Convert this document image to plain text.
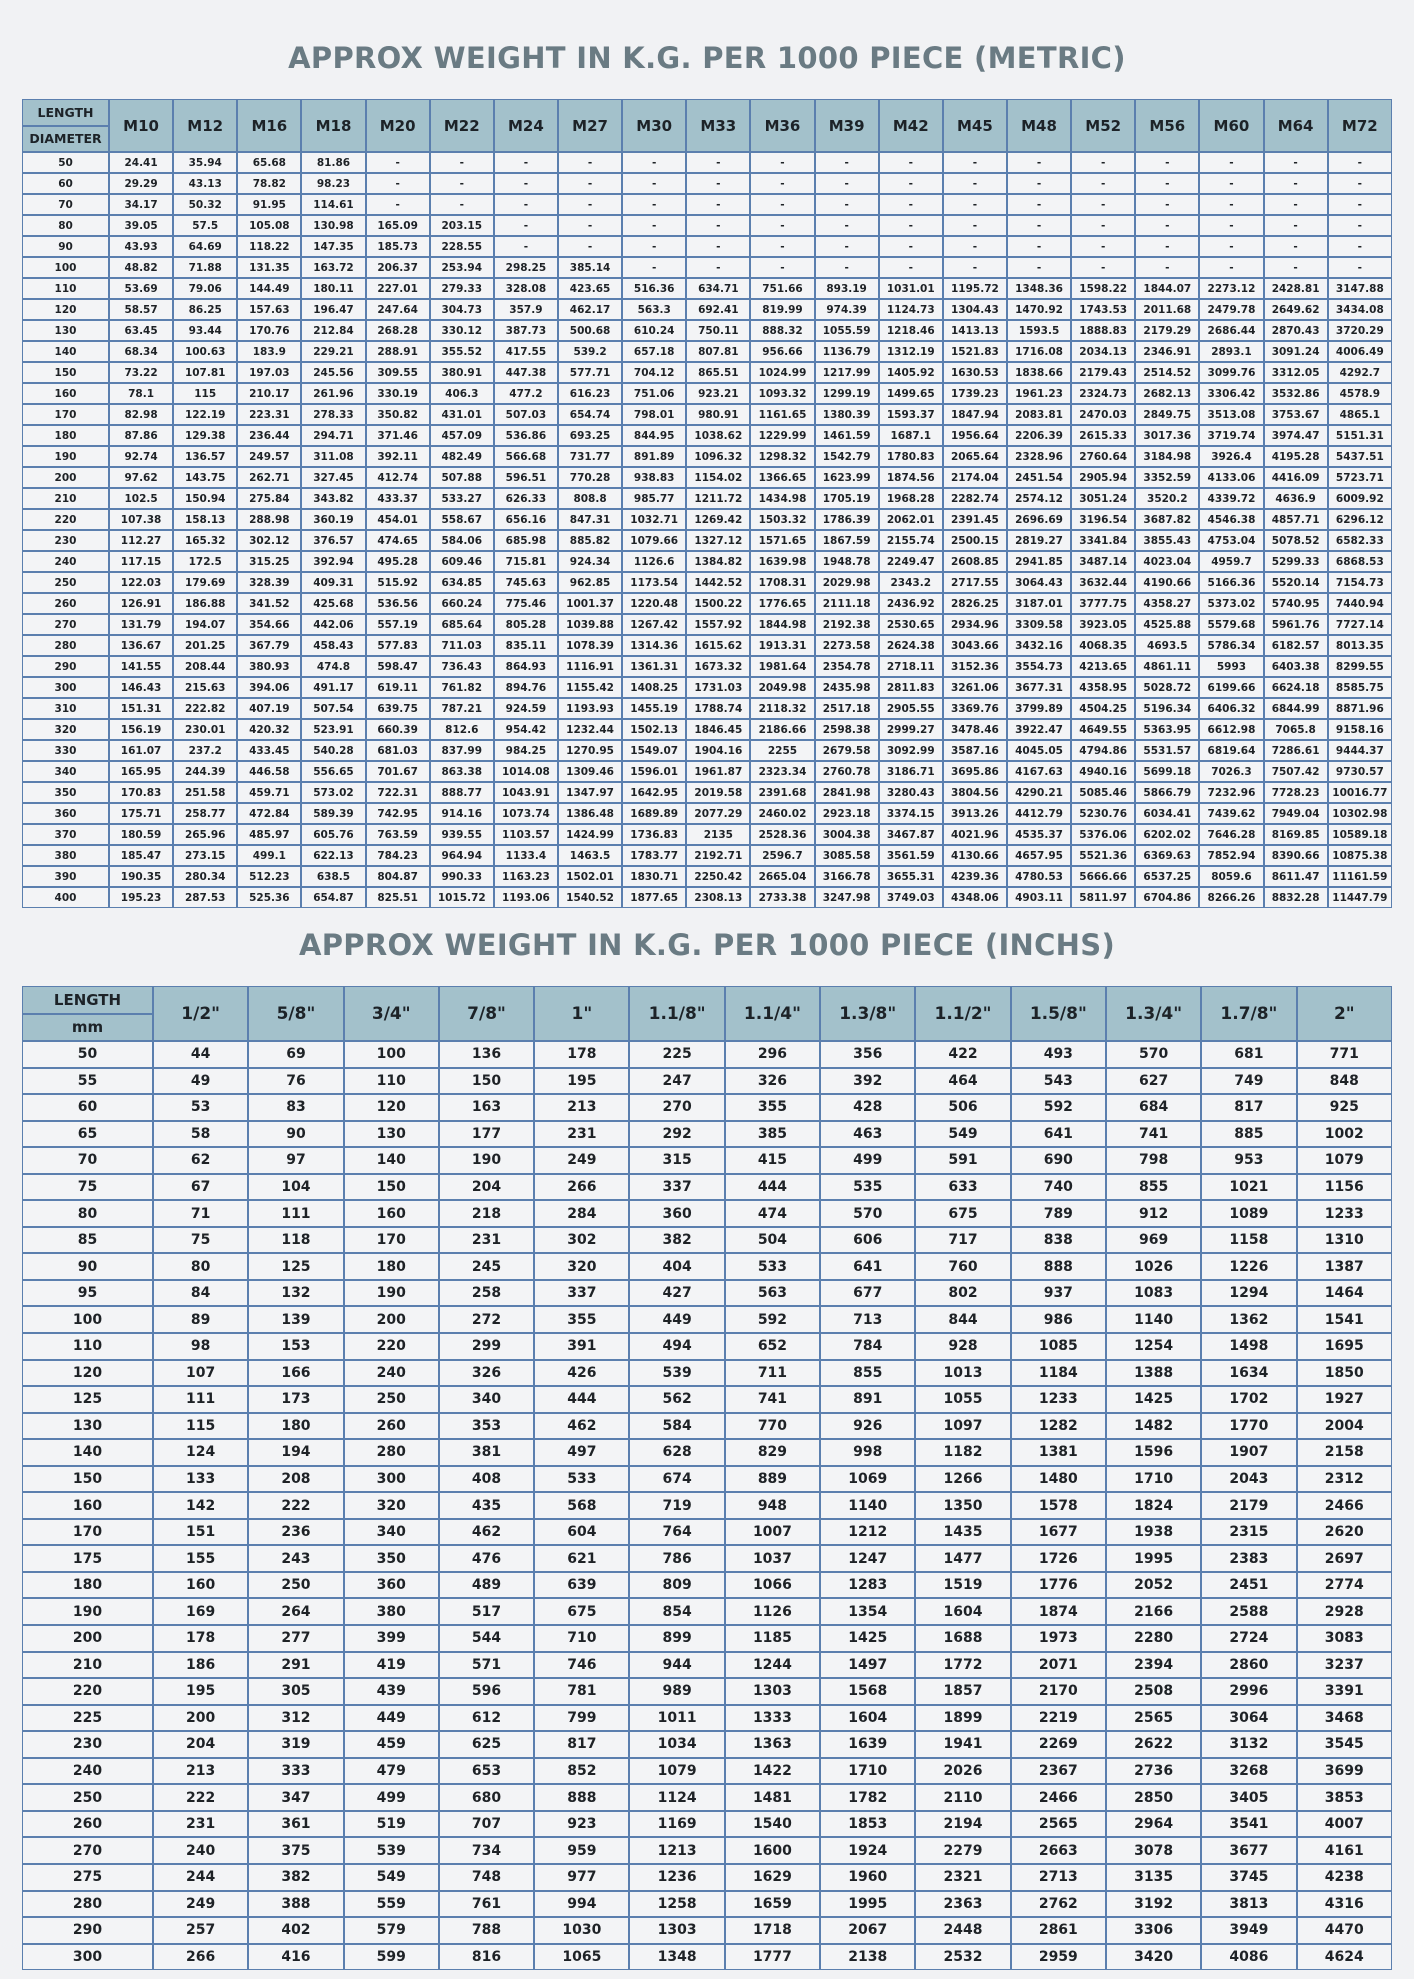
APPROX WEIGHT IN K.G. PER 1000 PIECE (METRIC)
LENGTH	M10	M12	M16	M18	M20	M22	M24	M27	M30	M33	M36	M39	M42	M45	M48	M52	M56	M60	M64	M72
DIAMETER																				
50	24.41	35.94	65.68	81.86	-	-	-	-	-	-	-	-	-	-	-	-	-	-	-	-
60	29.29	43.13	78.82	98.23	-	-	-	-	-	-	-	-	-	-	-	-	-	-	-	-
70	34.17	50.32	91.95	114.61	-	-	-	-	-	-	-	-	-	-	-	-	-	-	-	-
80	39.05	57.5	105.08	130.98	165.09	203.15	-	-	-	-	-	-	-	-	-	-	-	-	-	-
90	43.93	64.69	118.22	147.35	185.73	228.55	-	-	-	-	-	-	-	-	-	-	-	-	-	-
100	48.82	71.88	131.35	163.72	206.37	253.94	298.25	385.14	-	-	-	-	-	-	-	-	-	-	-	-
110	53.69	79.06	144.49	180.11	227.01	279.33	328.08	423.65	516.36	634.71	751.66	893.19	1031.01	1195.72	1348.36	1598.22	1844.07	2273.12	2428.81	3147.88
120	58.57	86.25	157.63	196.47	247.64	304.73	357.9	462.17	563.3	692.41	819.99	974.39	1124.73	1304.43	1470.92	1743.53	2011.68	2479.78	2649.62	3434.08
130	63.45	93.44	170.76	212.84	268.28	330.12	387.73	500.68	610.24	750.11	888.32	1055.59	1218.46	1413.13	1593.5	1888.83	2179.29	2686.44	2870.43	3720.29
140	68.34	100.63	183.9	229.21	288.91	355.52	417.55	539.2	657.18	807.81	956.66	1136.79	1312.19	1521.83	1716.08	2034.13	2346.91	2893.1	3091.24	4006.49
150	73.22	107.81	197.03	245.56	309.55	380.91	447.38	577.71	704.12	865.51	1024.99	1217.99	1405.92	1630.53	1838.66	2179.43	2514.52	3099.76	3312.05	4292.7
160	78.1	115	210.17	261.96	330.19	406.3	477.2	616.23	751.06	923.21	1093.32	1299.19	1499.65	1739.23	1961.23	2324.73	2682.13	3306.42	3532.86	4578.9
170	82.98	122.19	223.31	278.33	350.82	431.01	507.03	654.74	798.01	980.91	1161.65	1380.39	1593.37	1847.94	2083.81	2470.03	2849.75	3513.08	3753.67	4865.1
180	87.86	129.38	236.44	294.71	371.46	457.09	536.86	693.25	844.95	1038.62	1229.99	1461.59	1687.1	1956.64	2206.39	2615.33	3017.36	3719.74	3974.47	5151.31
190	92.74	136.57	249.57	311.08	392.11	482.49	566.68	731.77	891.89	1096.32	1298.32	1542.79	1780.83	2065.64	2328.96	2760.64	3184.98	3926.4	4195.28	5437.51
200	97.62	143.75	262.71	327.45	412.74	507.88	596.51	770.28	938.83	1154.02	1366.65	1623.99	1874.56	2174.04	2451.54	2905.94	3352.59	4133.06	4416.09	5723.71
210	102.5	150.94	275.84	343.82	433.37	533.27	626.33	808.8	985.77	1211.72	1434.98	1705.19	1968.28	2282.74	2574.12	3051.24	3520.2	4339.72	4636.9	6009.92
220	107.38	158.13	288.98	360.19	454.01	558.67	656.16	847.31	1032.71	1269.42	1503.32	1786.39	2062.01	2391.45	2696.69	3196.54	3687.82	4546.38	4857.71	6296.12
230	112.27	165.32	302.12	376.57	474.65	584.06	685.98	885.82	1079.66	1327.12	1571.65	1867.59	2155.74	2500.15	2819.27	3341.84	3855.43	4753.04	5078.52	6582.33
240	117.15	172.5	315.25	392.94	495.28	609.46	715.81	924.34	1126.6	1384.82	1639.98	1948.78	2249.47	2608.85	2941.85	3487.14	4023.04	4959.7	5299.33	6868.53
250	122.03	179.69	328.39	409.31	515.92	634.85	745.63	962.85	1173.54	1442.52	1708.31	2029.98	2343.2	2717.55	3064.43	3632.44	4190.66	5166.36	5520.14	7154.73
260	126.91	186.88	341.52	425.68	536.56	660.24	775.46	1001.37	1220.48	1500.22	1776.65	2111.18	2436.92	2826.25	3187.01	3777.75	4358.27	5373.02	5740.95	7440.94
270	131.79	194.07	354.66	442.06	557.19	685.64	805.28	1039.88	1267.42	1557.92	1844.98	2192.38	2530.65	2934.96	3309.58	3923.05	4525.88	5579.68	5961.76	7727.14
280	136.67	201.25	367.79	458.43	577.83	711.03	835.11	1078.39	1314.36	1615.62	1913.31	2273.58	2624.38	3043.66	3432.16	4068.35	4693.5	5786.34	6182.57	8013.35
290	141.55	208.44	380.93	474.8	598.47	736.43	864.93	1116.91	1361.31	1673.32	1981.64	2354.78	2718.11	3152.36	3554.73	4213.65	4861.11	5993	6403.38	8299.55
300	146.43	215.63	394.06	491.17	619.11	761.82	894.76	1155.42	1408.25	1731.03	2049.98	2435.98	2811.83	3261.06	3677.31	4358.95	5028.72	6199.66	6624.18	8585.75
310	151.31	222.82	407.19	507.54	639.75	787.21	924.59	1193.93	1455.19	1788.74	2118.32	2517.18	2905.55	3369.76	3799.89	4504.25	5196.34	6406.32	6844.99	8871.96
320	156.19	230.01	420.32	523.91	660.39	812.6	954.42	1232.44	1502.13	1846.45	2186.66	2598.38	2999.27	3478.46	3922.47	4649.55	5363.95	6612.98	7065.8	9158.16
330	161.07	237.2	433.45	540.28	681.03	837.99	984.25	1270.95	1549.07	1904.16	2255	2679.58	3092.99	3587.16	4045.05	4794.86	5531.57	6819.64	7286.61	9444.37
340	165.95	244.39	446.58	556.65	701.67	863.38	1014.08	1309.46	1596.01	1961.87	2323.34	2760.78	3186.71	3695.86	4167.63	4940.16	5699.18	7026.3	7507.42	9730.57
350	170.83	251.58	459.71	573.02	722.31	888.77	1043.91	1347.97	1642.95	2019.58	2391.68	2841.98	3280.43	3804.56	4290.21	5085.46	5866.79	7232.96	7728.23	10016.77
360	175.71	258.77	472.84	589.39	742.95	914.16	1073.74	1386.48	1689.89	2077.29	2460.02	2923.18	3374.15	3913.26	4412.79	5230.76	6034.41	7439.62	7949.04	10302.98
370	180.59	265.96	485.97	605.76	763.59	939.55	1103.57	1424.99	1736.83	2135	2528.36	3004.38	3467.87	4021.96	4535.37	5376.06	6202.02	7646.28	8169.85	10589.18
380	185.47	273.15	499.1	622.13	784.23	964.94	1133.4	1463.5	1783.77	2192.71	2596.7	3085.58	3561.59	4130.66	4657.95	5521.36	6369.63	7852.94	8390.66	10875.38
390	190.35	280.34	512.23	638.5	804.87	990.33	1163.23	1502.01	1830.71	2250.42	2665.04	3166.78	3655.31	4239.36	4780.53	5666.66	6537.25	8059.6	8611.47	11161.59
400	195.23	287.53	525.36	654.87	825.51	1015.72	1193.06	1540.52	1877.65	2308.13	2733.38	3247.98	3749.03	4348.06	4903.11	5811.97	6704.86	8266.26	8832.28	11447.79
APPROX WEIGHT IN K.G. PER 1000 PIECE (INCHS)
LENGTH	1/2"	5/8"	3/4"	7/8"	1"	1.1/8"	1.1/4"	1.3/8"	1.1/2"	1.5/8"	1.3/4"	1.7/8"	2"
mm													
50	44	69	100	136	178	225	296	356	422	493	570	681	771
55	49	76	110	150	195	247	326	392	464	543	627	749	848
60	53	83	120	163	213	270	355	428	506	592	684	817	925
65	58	90	130	177	231	292	385	463	549	641	741	885	1002
70	62	97	140	190	249	315	415	499	591	690	798	953	1079
75	67	104	150	204	266	337	444	535	633	740	855	1021	1156
80	71	111	160	218	284	360	474	570	675	789	912	1089	1233
85	75	118	170	231	302	382	504	606	717	838	969	1158	1310
90	80	125	180	245	320	404	533	641	760	888	1026	1226	1387
95	84	132	190	258	337	427	563	677	802	937	1083	1294	1464
100	89	139	200	272	355	449	592	713	844	986	1140	1362	1541
110	98	153	220	299	391	494	652	784	928	1085	1254	1498	1695
120	107	166	240	326	426	539	711	855	1013	1184	1388	1634	1850
125	111	173	250	340	444	562	741	891	1055	1233	1425	1702	1927
130	115	180	260	353	462	584	770	926	1097	1282	1482	1770	2004
140	124	194	280	381	497	628	829	998	1182	1381	1596	1907	2158
150	133	208	300	408	533	674	889	1069	1266	1480	1710	2043	2312
160	142	222	320	435	568	719	948	1140	1350	1578	1824	2179	2466
170	151	236	340	462	604	764	1007	1212	1435	1677	1938	2315	2620
175	155	243	350	476	621	786	1037	1247	1477	1726	1995	2383	2697
180	160	250	360	489	639	809	1066	1283	1519	1776	2052	2451	2774
190	169	264	380	517	675	854	1126	1354	1604	1874	2166	2588	2928
200	178	277	399	544	710	899	1185	1425	1688	1973	2280	2724	3083
210	186	291	419	571	746	944	1244	1497	1772	2071	2394	2860	3237
220	195	305	439	596	781	989	1303	1568	1857	2170	2508	2996	3391
225	200	312	449	612	799	1011	1333	1604	1899	2219	2565	3064	3468
230	204	319	459	625	817	1034	1363	1639	1941	2269	2622	3132	3545
240	213	333	479	653	852	1079	1422	1710	2026	2367	2736	3268	3699
250	222	347	499	680	888	1124	1481	1782	2110	2466	2850	3405	3853
260	231	361	519	707	923	1169	1540	1853	2194	2565	2964	3541	4007
270	240	375	539	734	959	1213	1600	1924	2279	2663	3078	3677	4161
275	244	382	549	748	977	1236	1629	1960	2321	2713	3135	3745	4238
280	249	388	559	761	994	1258	1659	1995	2363	2762	3192	3813	4316
290	257	402	579	788	1030	1303	1718	2067	2448	2861	3306	3949	4470
300	266	416	599	816	1065	1348	1777	2138	2532	2959	3420	4086	4624
